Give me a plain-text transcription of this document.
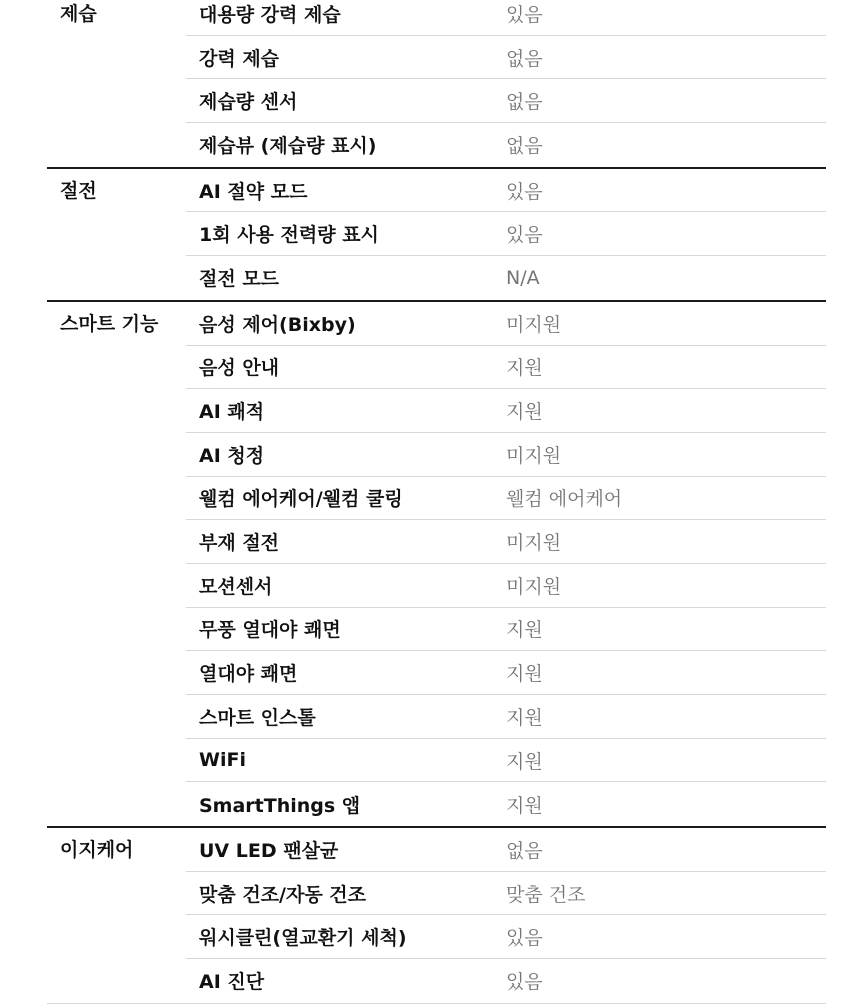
제습	대용량 강력 제습	있음
강력 제습	없음
제습량 센서	없음
제습뷰 (제습량 표시)	없음
절전	AI 절약 모드	있음
1회 사용 전력량 표시	있음
절전 모드	N/A
스마트 기능	음성 제어(Bixby)	미지원
음성 안내	지원
AI 쾌적	지원
AI 청정	미지원
웰컴 에어케어/웰컴 쿨링	웰컴 에어케어
부재 절전	미지원
모션센서	미지원
무풍 열대야 쾌면	지원
열대야 쾌면	지원
스마트 인스톨	지원
WiFi	지원
SmartThings 앱	지원
이지케어	UV LED 팬살균	없음
맞춤 건조/자동 건조	맞춤 건조
워시클린(열교환기 세척)	있음
AI 진단	있음
